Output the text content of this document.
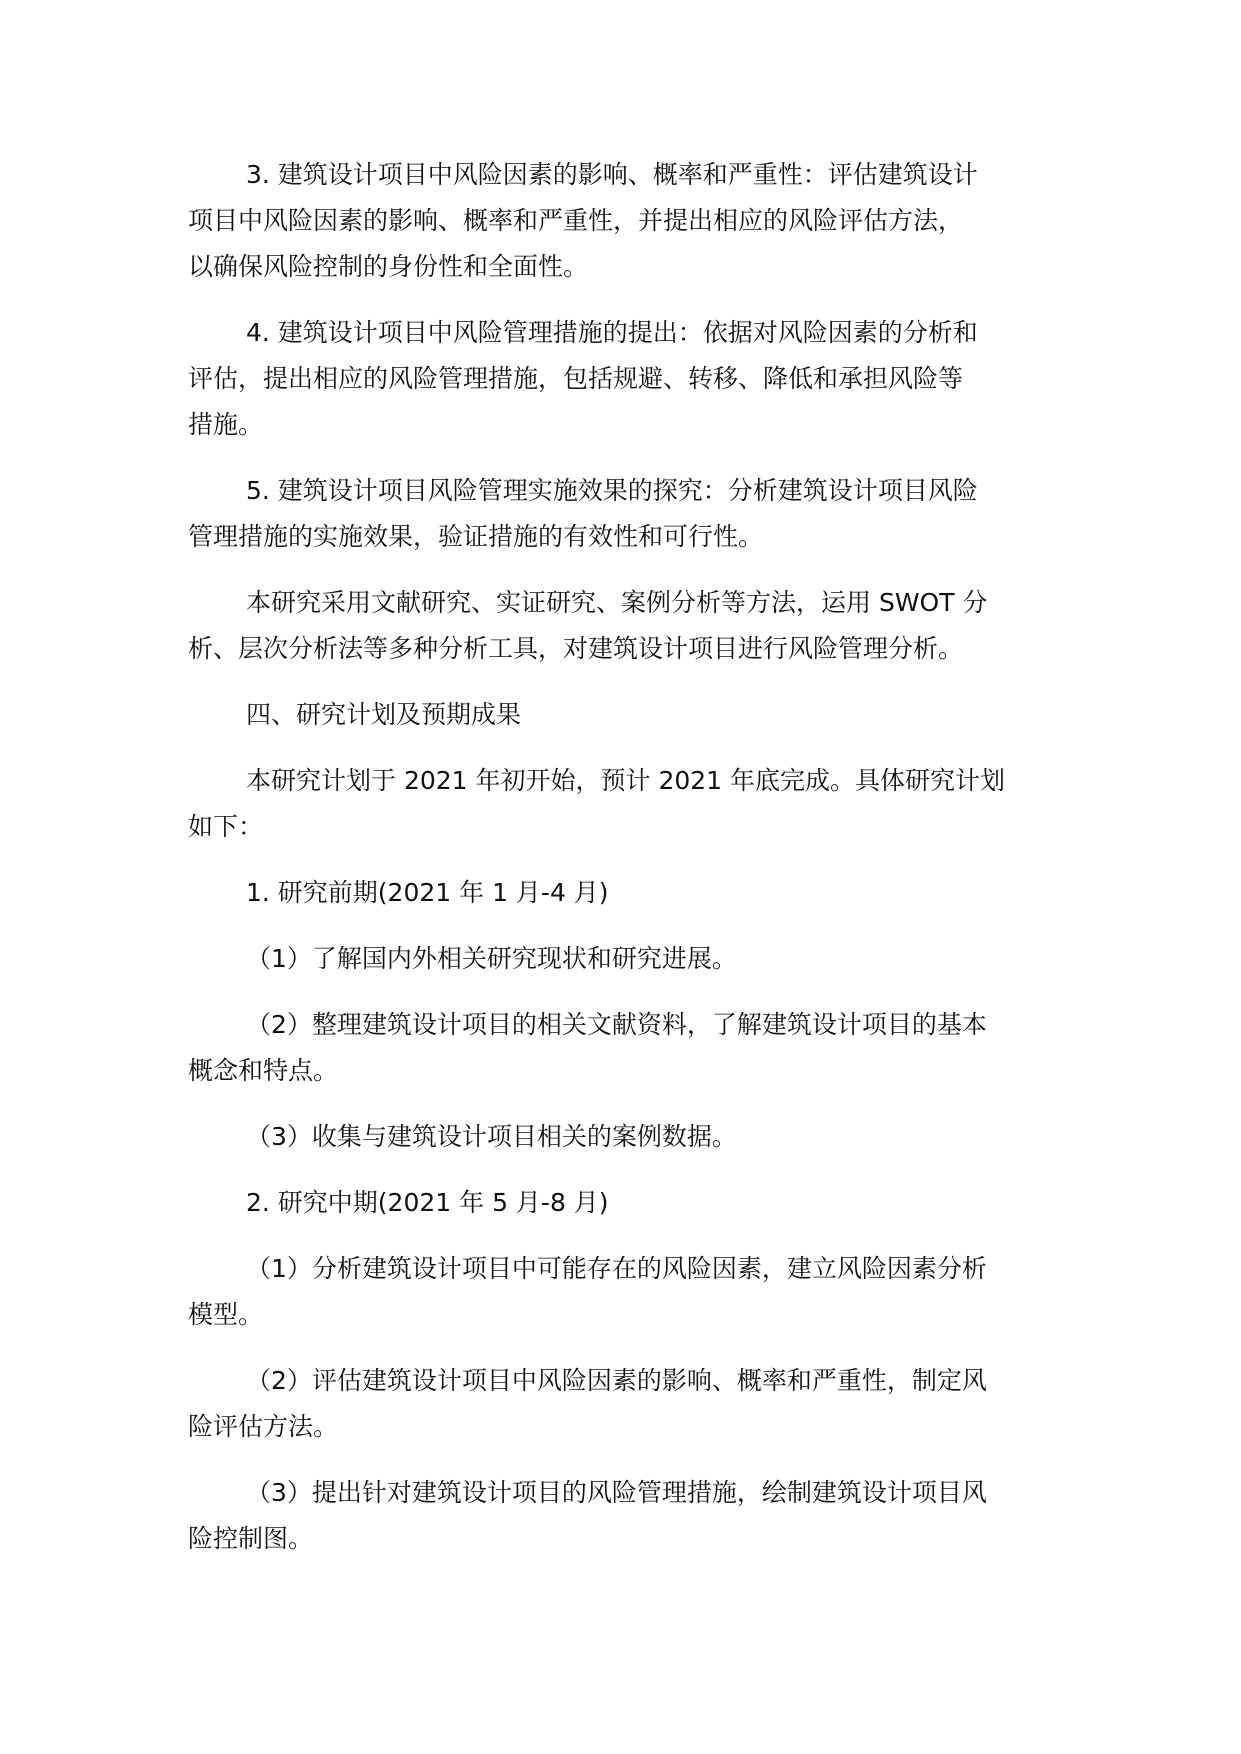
3. 建筑设计项目中风险因素的影响、概率和严重性：评估建筑设计
项目中风险因素的影响、概率和严重性，并提出相应的风险评估方法，
以确保风险控制的身份性和全面性。

4. 建筑设计项目中风险管理措施的提出：依据对风险因素的分析和
评估，提出相应的风险管理措施，包括规避、转移、降低和承担风险等
措施。

5. 建筑设计项目风险管理实施效果的探究：分析建筑设计项目风险
管理措施的实施效果，验证措施的有效性和可行性。

本研究采用文献研究、实证研究、案例分析等方法，运用 SWOT 分
析、层次分析法等多种分析工具，对建筑设计项目进行风险管理分析。

四、研究计划及预期成果

本研究计划于 2021 年初开始，预计 2021 年底完成。具体研究计划
如下：

1. 研究前期(2021 年 1 月-4 月)

（1）了解国内外相关研究现状和研究进展。

（2）整理建筑设计项目的相关文献资料，了解建筑设计项目的基本
概念和特点。

（3）收集与建筑设计项目相关的案例数据。

2. 研究中期(2021 年 5 月-8 月)

（1）分析建筑设计项目中可能存在的风险因素，建立风险因素分析
模型。

（2）评估建筑设计项目中风险因素的影响、概率和严重性，制定风
险评估方法。

（3）提出针对建筑设计项目的风险管理措施，绘制建筑设计项目风
险控制图。
